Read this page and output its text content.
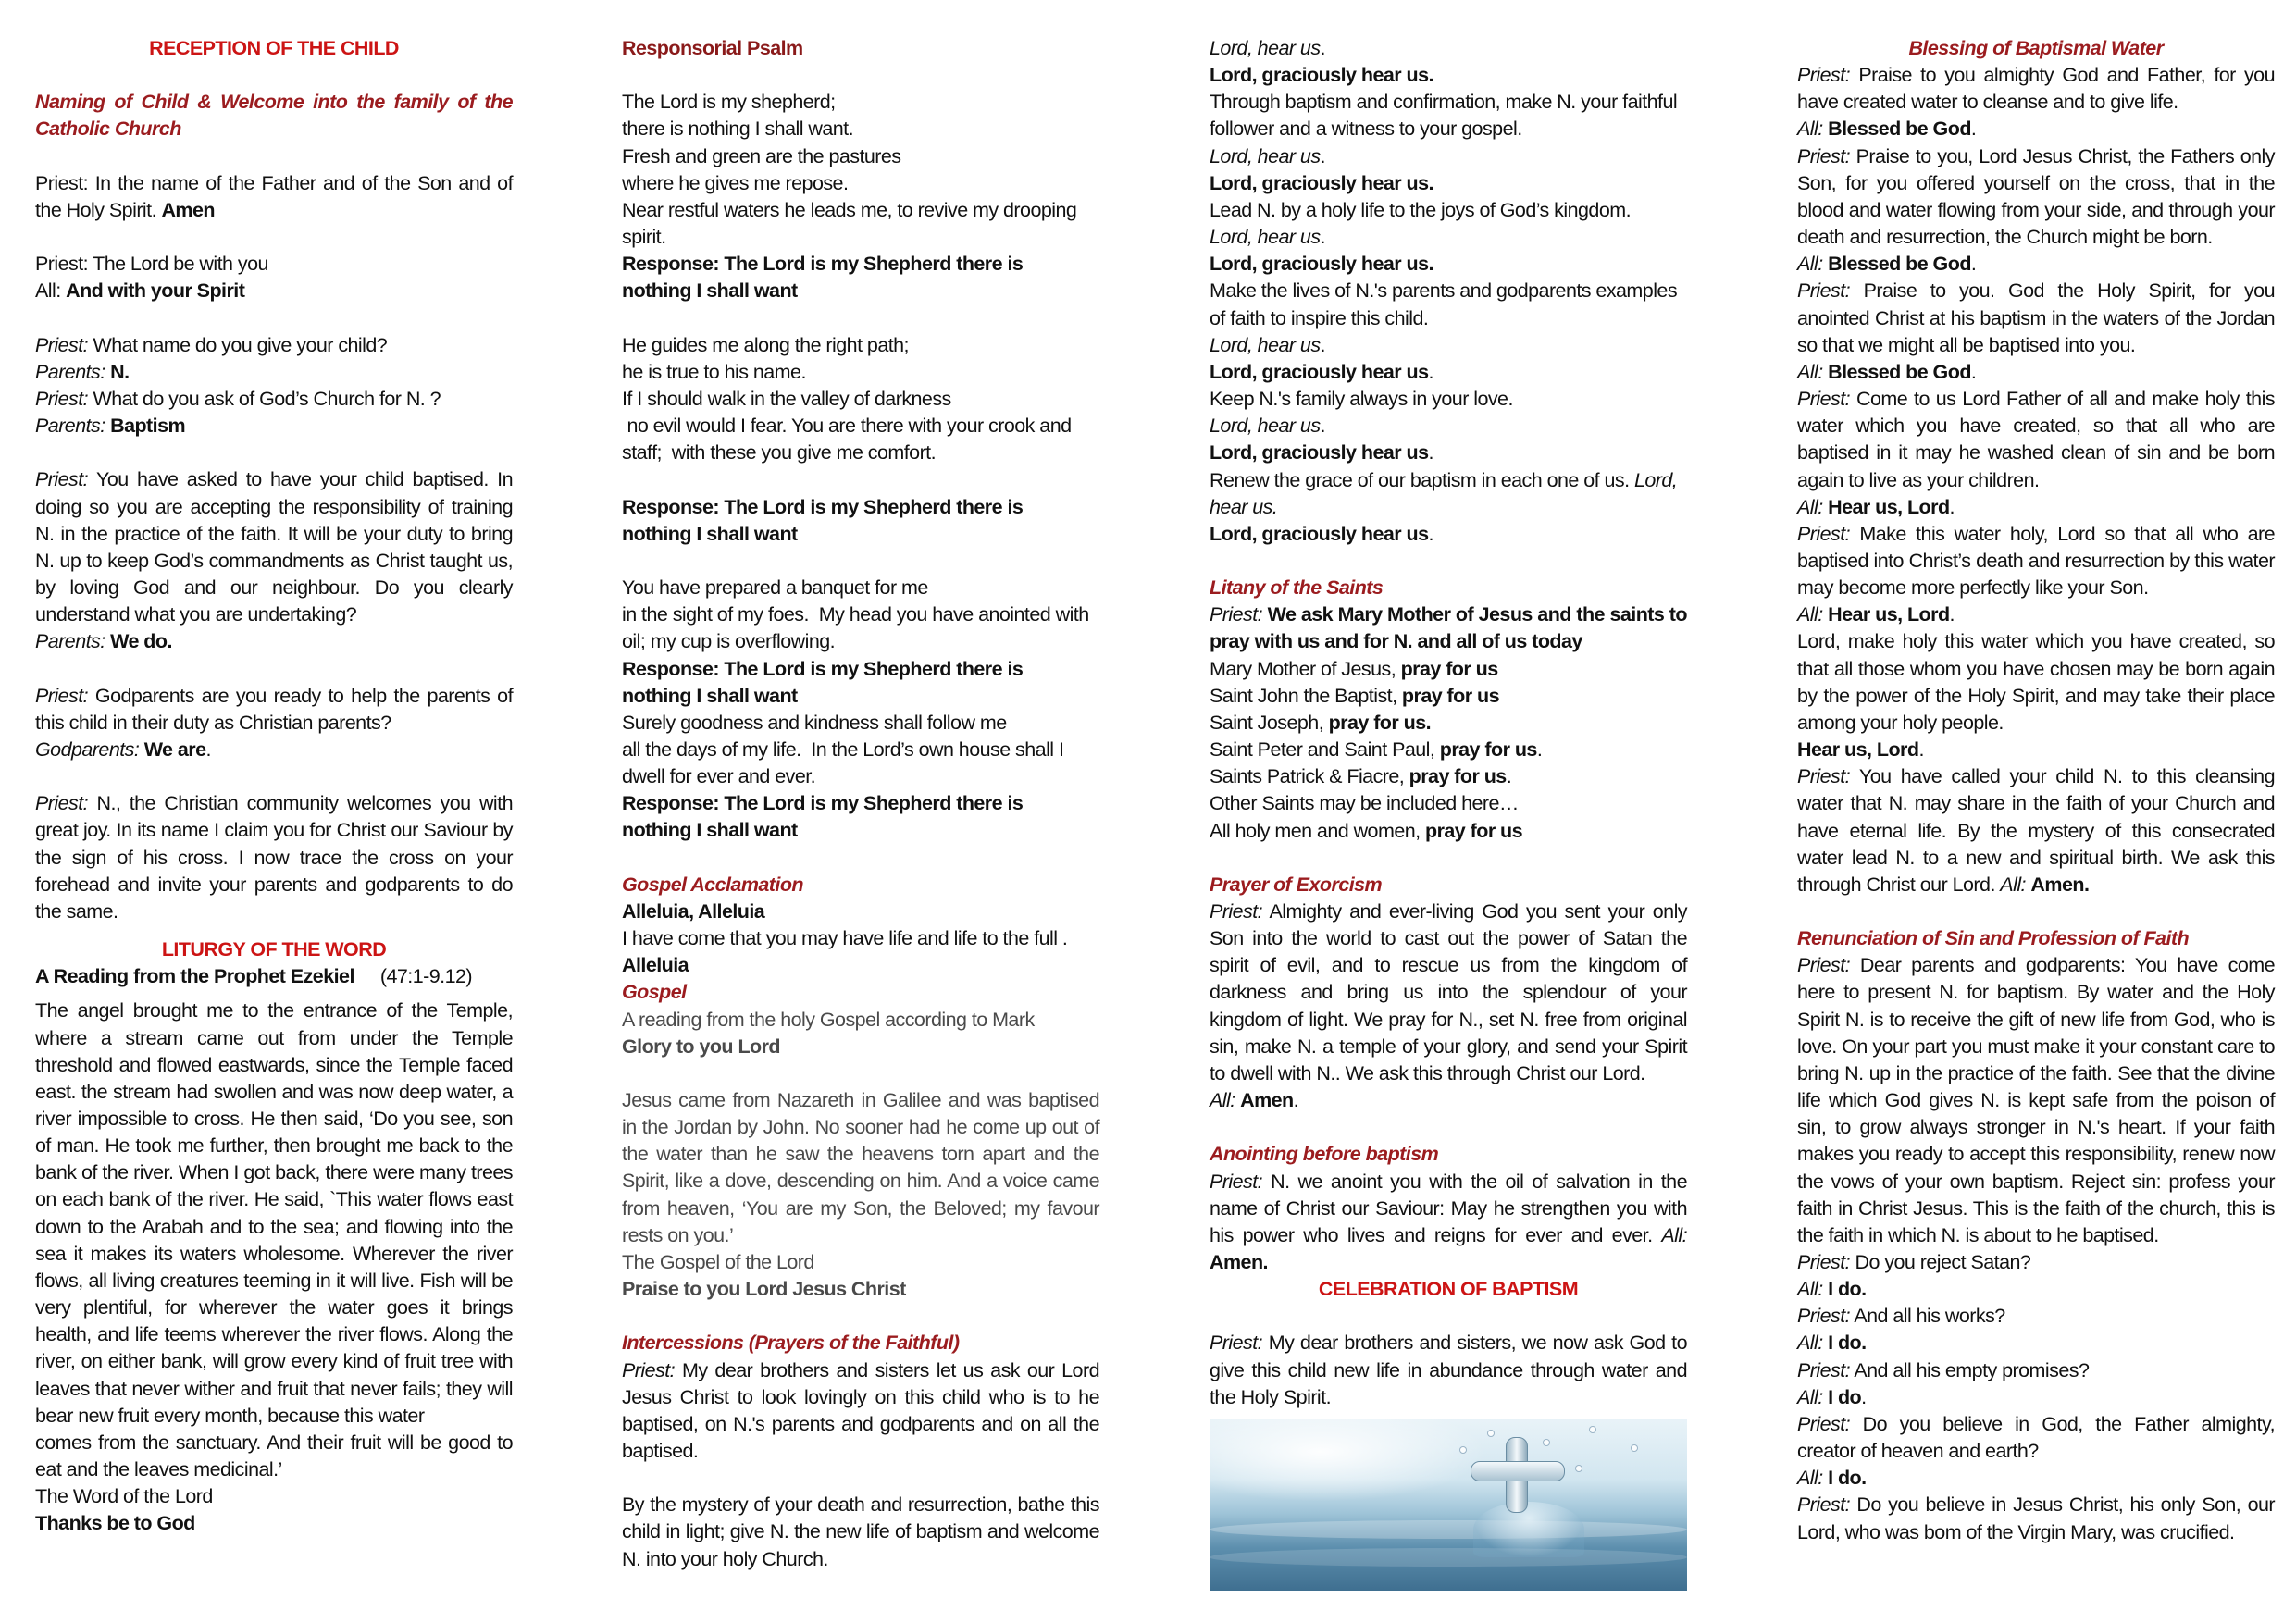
RECEPTION OF THE CHILD

Naming of Child & Welcome into the family of the Catholic Church

Priest: In the name of the Father and of the Son and of the Holy Spirit. Amen

Priest: The Lord be with you
All: And with your Spirit

Priest: What name do you give your child?
Parents: N.
Priest: What do you ask of God’s Church for N. ?
Parents: Baptism

Priest: You have asked to have your child baptised. In doing so you are accepting the responsibility of training N. in the practice of the faith. It will be your duty to bring N. up to keep God’s commandments as Christ taught us, by loving God and our neighbour. Do you clearly understand what you are undertaking?

Parents: We do.

Priest: Godparents are you ready to help the parents of this child in their duty as Christian parents?

Godparents: We are.

Priest: N., the Christian community welcomes you with great joy. In its name I claim you for Christ our Saviour by the sign of his cross. I now trace the cross on your forehead and invite your parents and godparents to do the same.

LITURGY OF THE WORD

A Reading from the Prophet Ezekiel (47:1-9.12)

The angel brought me to the entrance of the Temple, where a stream came out from under the Temple threshold and flowed eastwards, since the Temple faced east. the stream had swollen and was now deep water, a river impossible to cross. He then said, ‘Do you see, son of man. He took me further, then brought me back to the bank of the river. When I got back, there were many trees on each bank of the river. He said, `This water flows east down to the Arabah and to the sea; and flowing into the sea it makes its waters wholesome. Wherever the river flows, all living creatures teeming in it will live. Fish will be very plentiful, for wherever the water goes it brings health, and life teems wherever the river flows. Along the river, on either bank, will grow every kind of fruit tree with leaves that never wither and fruit that never fails; they will bear new fruit every month, because this water

comes from the sanctuary. And their fruit will be good to eat and the leaves medicinal.’

The Word of the Lord

Thanks be to God

Responsorial Psalm

The Lord is my shepherd;
there is nothing I shall want.
Fresh and green are the pastures
where he gives me repose.
Near restful waters he leads me, to revive my drooping spirit.

Response: The Lord is my Shepherd there is nothing I shall want

He guides me along the right path;
he is true to his name.
If I should walk in the valley of darkness
no evil would I fear. You are there with your crook and staff;  with these you give me comfort.

Response: The Lord is my Shepherd there is nothing I shall want

You have prepared a banquet for me
in the sight of my foes.  My head you have anointed with oil; my cup is overflowing.

Response: The Lord is my Shepherd there is nothing I shall want

Surely goodness and kindness shall follow me
all the days of my life.  In the Lord’s own house shall I dwell for ever and ever.

Response: The Lord is my Shepherd there is nothing I shall want

Gospel Acclamation

Alleluia, Alleluia

I have come that you may have life and life to the full .

Alleluia

Gospel

A reading from the holy Gospel according to Mark

Glory to you Lord

Jesus came from Nazareth in Galilee and was baptised in the Jordan by John. No sooner had he come up out of the water than he saw the heavens torn apart and the Spirit, like a dove, descending on him. And a voice came from heaven, ‘You are my Son, the Beloved; my favour rests on you.’

The Gospel of the Lord

Praise to you Lord Jesus Christ

Intercessions (Prayers of the Faithful)

Priest: My dear brothers and sisters let us ask our Lord Jesus Christ to look lovingly on this child who is to he baptised, on N.'s parents and godparents and on all the baptised.

By the mystery of your death and resurrection, bathe this child in light; give N. the new life of baptism and welcome N. into your holy Church.

Lord, hear us.

Lord, graciously hear us.

Through baptism and confirmation, make N. your faithful follower and a witness to your gospel.

Lord, hear us.

Lord, graciously hear us.

Lead N. by a holy life to the joys of God’s kingdom.

Lord, hear us.

Lord, graciously hear us.

Make the lives of N.'s parents and godparents examples of faith to inspire this child.

Lord, hear us.

Lord, graciously hear us.

Keep N.'s family always in your love.

Lord, hear us.

Lord, graciously hear us.

Renew the grace of our baptism in each one of us. Lord, hear us.

Lord, graciously hear us.

Litany of the Saints

Priest: We ask Mary Mother of Jesus and the saints to pray with us and for N. and all of us today

Mary Mother of Jesus, pray for us

Saint John the Baptist, pray for us

Saint Joseph, pray for us.

Saint Peter and Saint Paul, pray for us.

Saints Patrick & Fiacre, pray for us.

Other Saints may be included here…

All holy men and women, pray for us

Prayer of Exorcism

Priest: Almighty and ever-living God you sent your only Son into the world to cast out the power of Satan the spirit of evil, and to rescue us from the kingdom of darkness and bring us into the splendour of your kingdom of light. We pray for N., set N. free from original sin, make N. a temple of your glory, and send your Spirit to dwell with N.. We ask this through Christ our Lord.

All: Amen.

Anointing before baptism

Priest: N. we anoint you with the oil of salvation in the name of Christ our Saviour: May he strengthen you with his power who lives and reigns for ever and ever. All: Amen.

CELEBRATION OF BAPTISM

Priest: My dear brothers and sisters, we now ask God to give this child new life in abundance through water and the Holy Spirit.

Blessing of Baptismal Water

Priest: Praise to you almighty God and Father, for you have created water to cleanse and to give life.

All: Blessed be God.

Priest: Praise to you, Lord Jesus Christ, the Fathers only Son, for you offered yourself on the cross, that in the blood and water flowing from your side, and through your death and resurrection, the Church might be born.

All: Blessed be God.

Priest: Praise to you. God the Holy Spirit, for you anointed Christ at his baptism in the waters of the Jordan so that we might all be baptised into you.

All: Blessed be God.

Priest: Come to us Lord Father of all and make holy this water which you have created, so that all who are baptised in it may he washed clean of sin and be born again to live as your children.

All: Hear us, Lord.

Priest: Make this water holy, Lord so that all who are baptised into Christ’s death and resurrection by this water may become more perfectly like your Son.

All: Hear us, Lord.

Lord, make holy this water which you have created, so that all those whom you have chosen may be born again by the power of the Holy Spirit, and may take their place among your holy people.

Hear us, Lord.

Priest: You have called your child N. to this cleansing water that N. may share in the faith of your Church and have eternal life. By the mystery of this consecrated water lead N. to a new and spiritual birth. We ask this through Christ our Lord. All: Amen.

Renunciation of Sin and Profession of Faith

Priest: Dear parents and godparents: You have come here to present N. for baptism. By water and the Holy Spirit N. is to receive the gift of new life from God, who is love. On your part you must make it your constant care to bring N. up in the practice of the faith. See that the divine life which God gives N. is kept safe from the poison of sin, to grow always stronger in N.'s heart. If your faith makes you ready to accept this responsibility, renew now the vows of your own baptism. Reject sin: profess your faith in Christ Jesus. This is the faith of the church, this is the faith in which N. is about to he baptised.

Priest: Do you reject Satan?

All: I do.

Priest: And all his works?

All: I do.

Priest: And all his empty promises?

All: I do.

Priest: Do you believe in God, the Father almighty, creator of heaven and earth?

All: I do.

Priest: Do you believe in Jesus Christ, his only Son, our Lord, who was bom of the Virgin Mary, was crucified.
